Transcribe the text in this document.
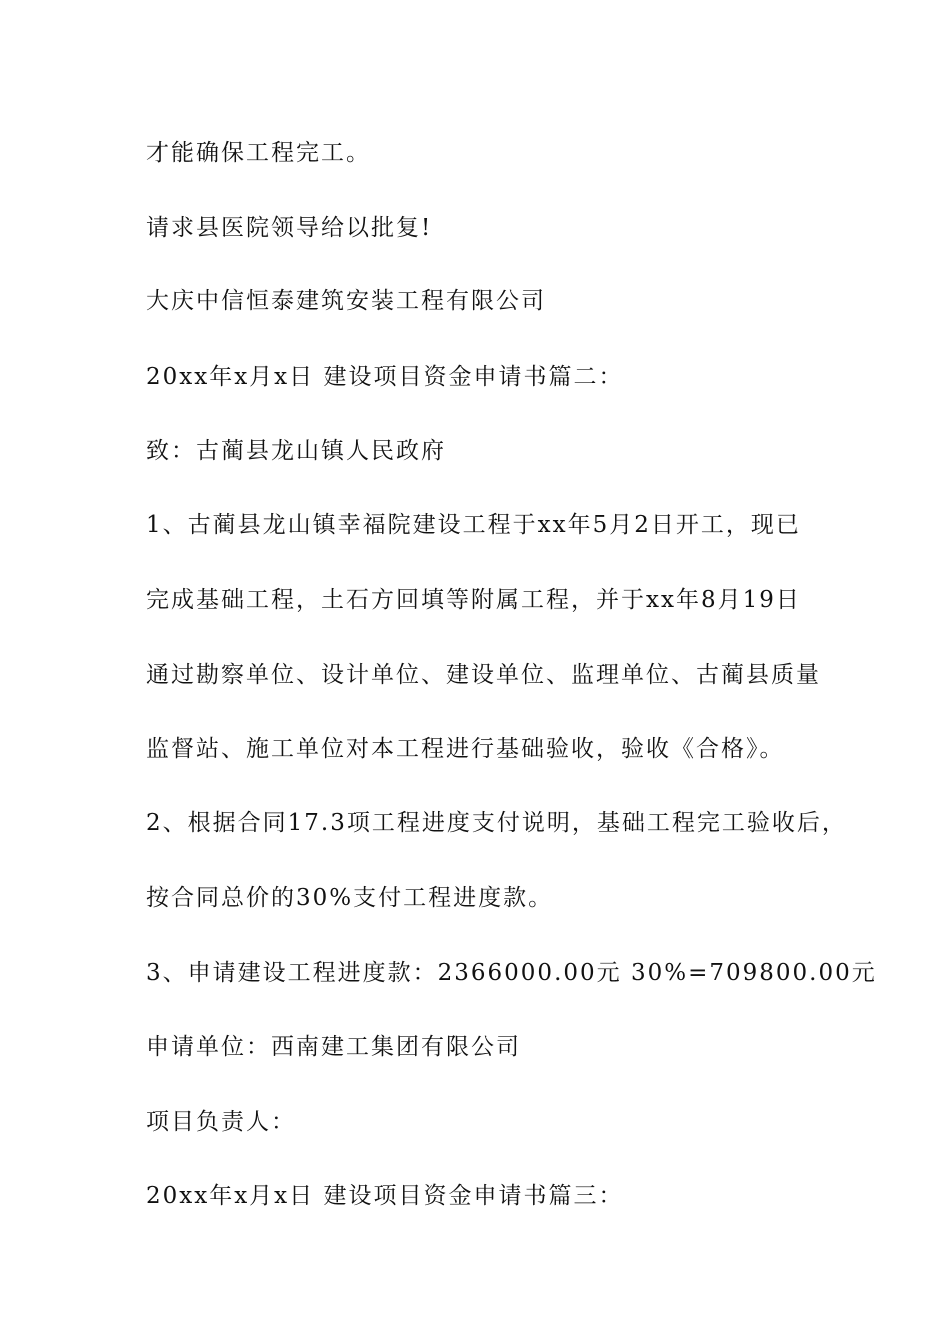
才能确保工程完工。
请求县医院领导给以批复!
大庆中信恒泰建筑安装工程有限公司
20xx年x月x日 建设项目资金申请书篇二：
致：古蔺县龙山镇人民政府
1、古蔺县龙山镇幸福院建设工程于xx年5月2日开工，现已
完成基础工程，土石方回填等附属工程，并于xx年8月19日
通过勘察单位、设计单位、建设单位、监理单位、古蔺县质量
监督站、施工单位对本工程进行基础验收，验收《合格》。
2、根据合同17.3项工程进度支付说明，基础工程完工验收后，
按合同总价的30%支付工程进度款。
3、申请建设工程进度款：2366000.00元 30%=709800.00元
申请单位：西南建工集团有限公司
项目负责人：
20xx年x月x日 建设项目资金申请书篇三：
